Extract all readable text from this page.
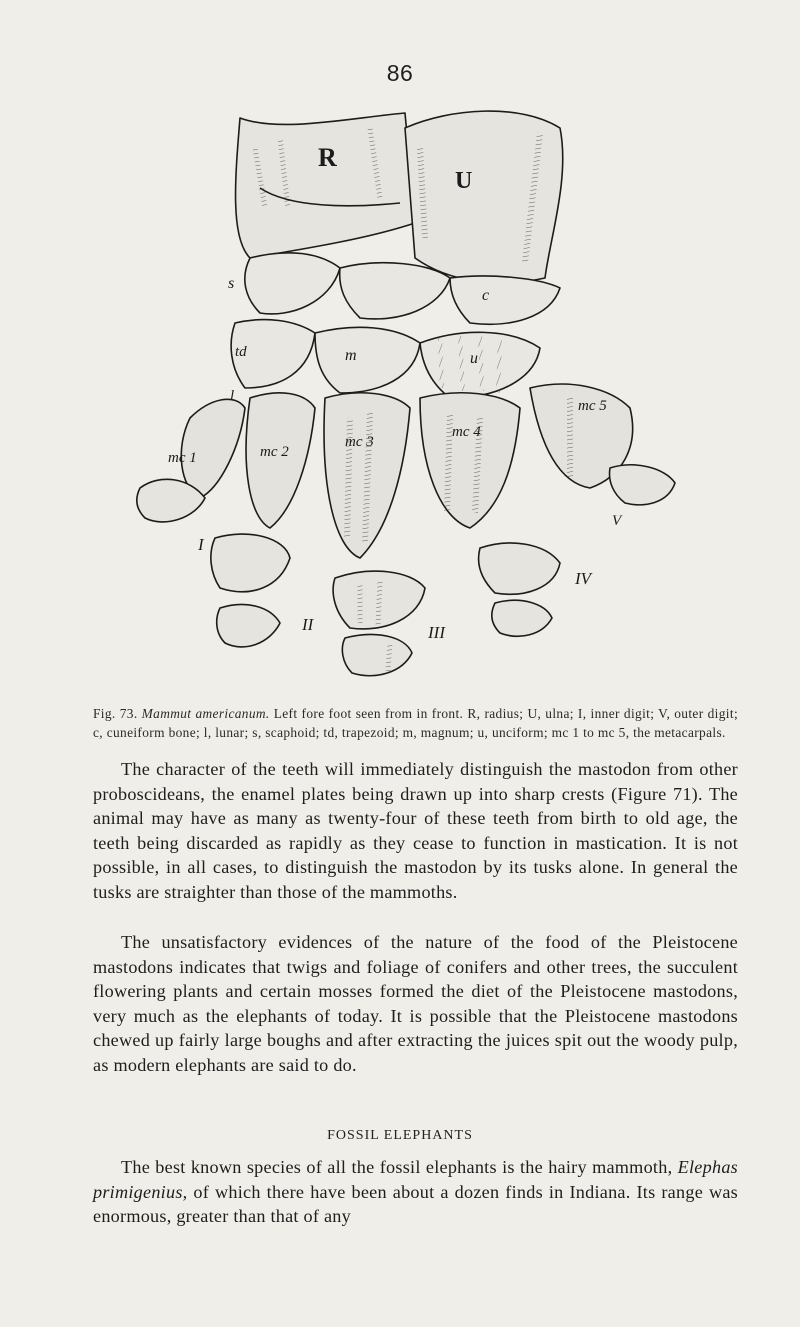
86
R
U
s
td	m	u
c
l
mc 1	mc 2
mc 3
mc 4
mc 5
I
II	III
IV
V
Fig. 73. Mammut americanum. Left fore foot seen from in front. R, radius; U, ulna; I, inner digit; V, outer digit; c, cuneiform bone; l, lunar; s, scaphoid; td, trapezoid; m, magnum; u, unciform; mc 1 to mc 5, the metacarpals.

The character of the teeth will immediately distinguish the mastodon from other proboscideans, the enamel plates being drawn up into sharp crests (Figure 71). The animal may have as many as twenty-four of these teeth from birth to old age, the teeth being discarded as rapidly as they cease to function in mastication. It is not possible, in all cases, to distinguish the mastodon by its tusks alone. In general the tusks are straighter than those of the mammoths.

The unsatisfactory evidences of the nature of the food of the Pleistocene mastodons indicates that twigs and foliage of conifers and other trees, the succulent flowering plants and certain mosses formed the diet of the Pleistocene mastodons, very much as the elephants of today. It is possible that the Pleistocene mastodons chewed up fairly large boughs and after extracting the juices spit out the woody pulp, as modern elephants are said to do.

FOSSIL ELEPHANTS

The best known species of all the fossil elephants is the hairy mammoth, Elephas primigenius, of which there have been about a dozen finds in Indiana. Its range was enormous, greater than that of any
